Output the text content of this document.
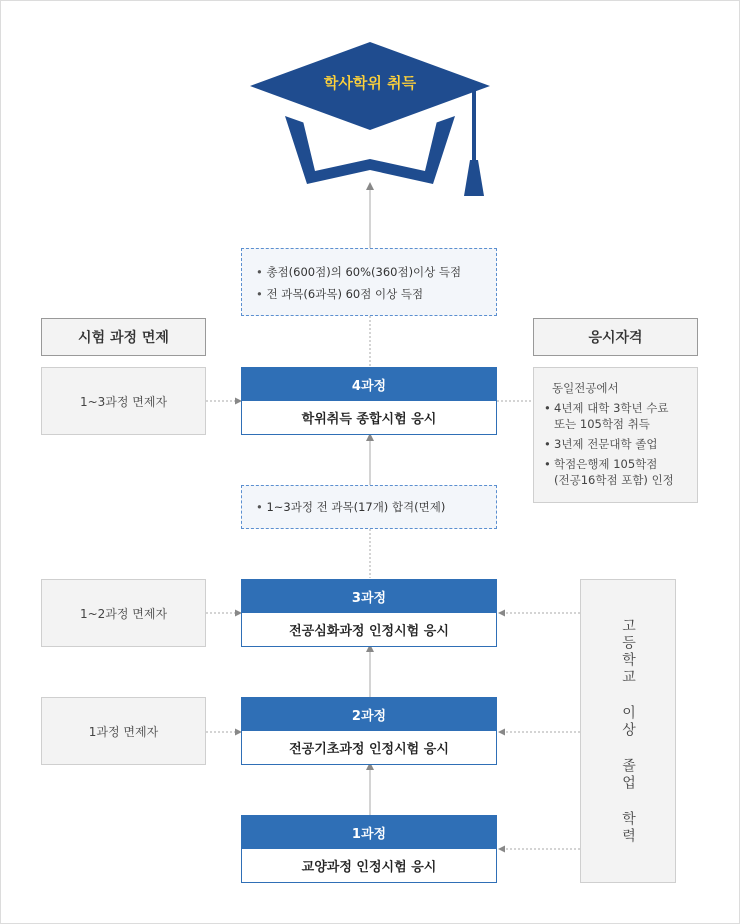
학사학위 취득
• 총점(600점)의 60%(360점)이상 득점
• 전 과목(6과목) 60점 이상 득점
시험 과정 면제	응시자격
4과정
학위취득 종합시험 응시
1~3과정 면제자
동일전공에서
• 4년제 대학 3학년 수료
또는 105학점 취득
• 3년제 전문대학 졸업
• 학점은행제 105학점
(전공16학점 포함) 인정
• 1~3과정 전 과목(17개) 합격(면제)
3과정
전공심화과정 인정시험 응시
1~2과정 면제자
2과정
전공기초과정 인정시험 응시
1과정 면제자
1과정
교양과정 인정시험 응시
고등학교 이상 졸업 학력
